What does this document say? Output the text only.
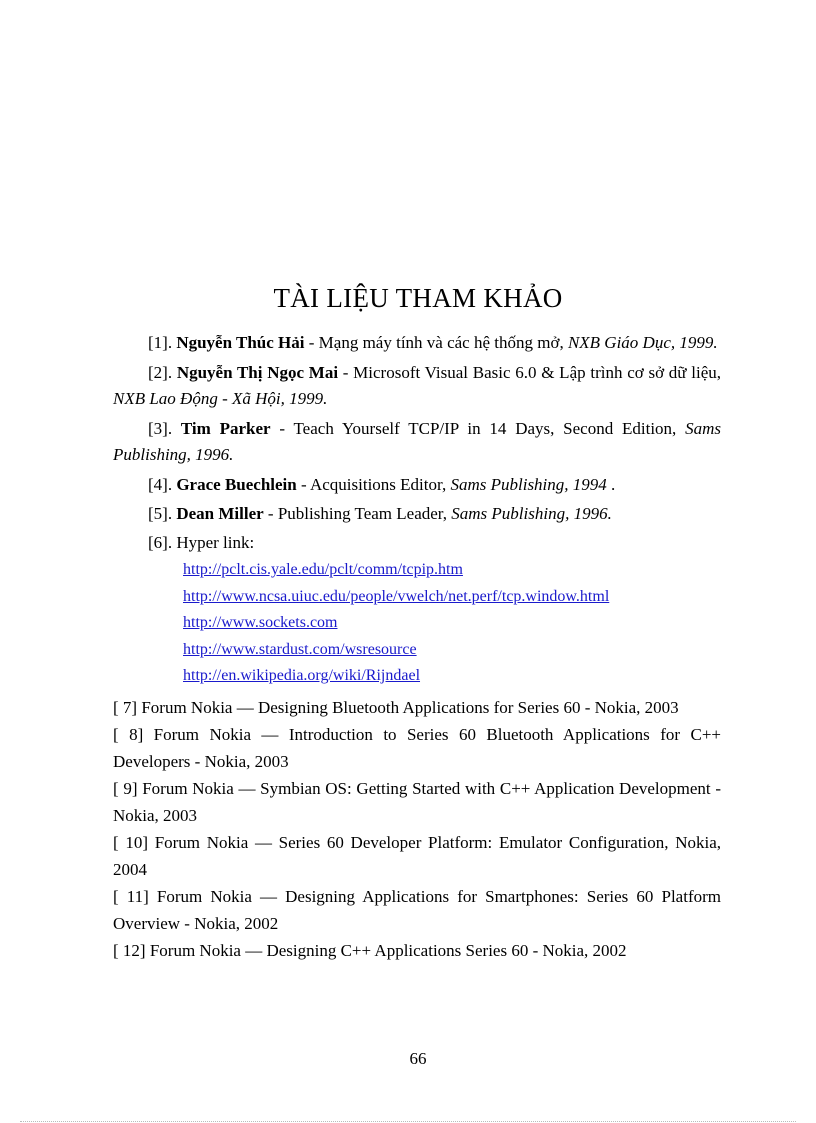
TÀI LIỆU THAM KHẢO

[1]. Nguyễn Thúc Hải - Mạng máy tính và các hệ thống mở, NXB Giáo Dục, 1999.

[2]. Nguyễn Thị Ngọc Mai - Microsoft Visual Basic 6.0 & Lập trình cơ sở dữ liệu, NXB Lao Động - Xã Hội, 1999.

[3]. Tim Parker - Teach Yourself TCP/IP in 14 Days, Second Edition, Sams Publishing, 1996.

[4]. Grace Buechlein - Acquisitions Editor, Sams Publishing, 1994 .

[5]. Dean Miller - Publishing Team Leader, Sams Publishing, 1996.

[6]. Hyper link:

http://pclt.cis.yale.edu/pclt/comm/tcpip.htm
http://www.ncsa.uiuc.edu/people/vwelch/net.perf/tcp.window.html
http://www.sockets.com
http://www.stardust.com/wsresource
http://en.wikipedia.org/wiki/Rijndael

[ 7] Forum Nokia — Designing Bluetooth Applications for Series 60 - Nokia, 2003

[ 8] Forum Nokia — Introduction to Series 60 Bluetooth Applications for C++ Developers - Nokia, 2003

[ 9] Forum Nokia — Symbian OS: Getting Started with C++ Application Development - Nokia, 2003

[ 10] Forum Nokia — Series 60 Developer Platform: Emulator Configuration, Nokia, 2004

[ 11] Forum Nokia — Designing Applications for Smartphones: Series 60 Platform Overview - Nokia, 2002

[ 12] Forum Nokia — Designing C++ Applications Series 60 - Nokia, 2002

66
